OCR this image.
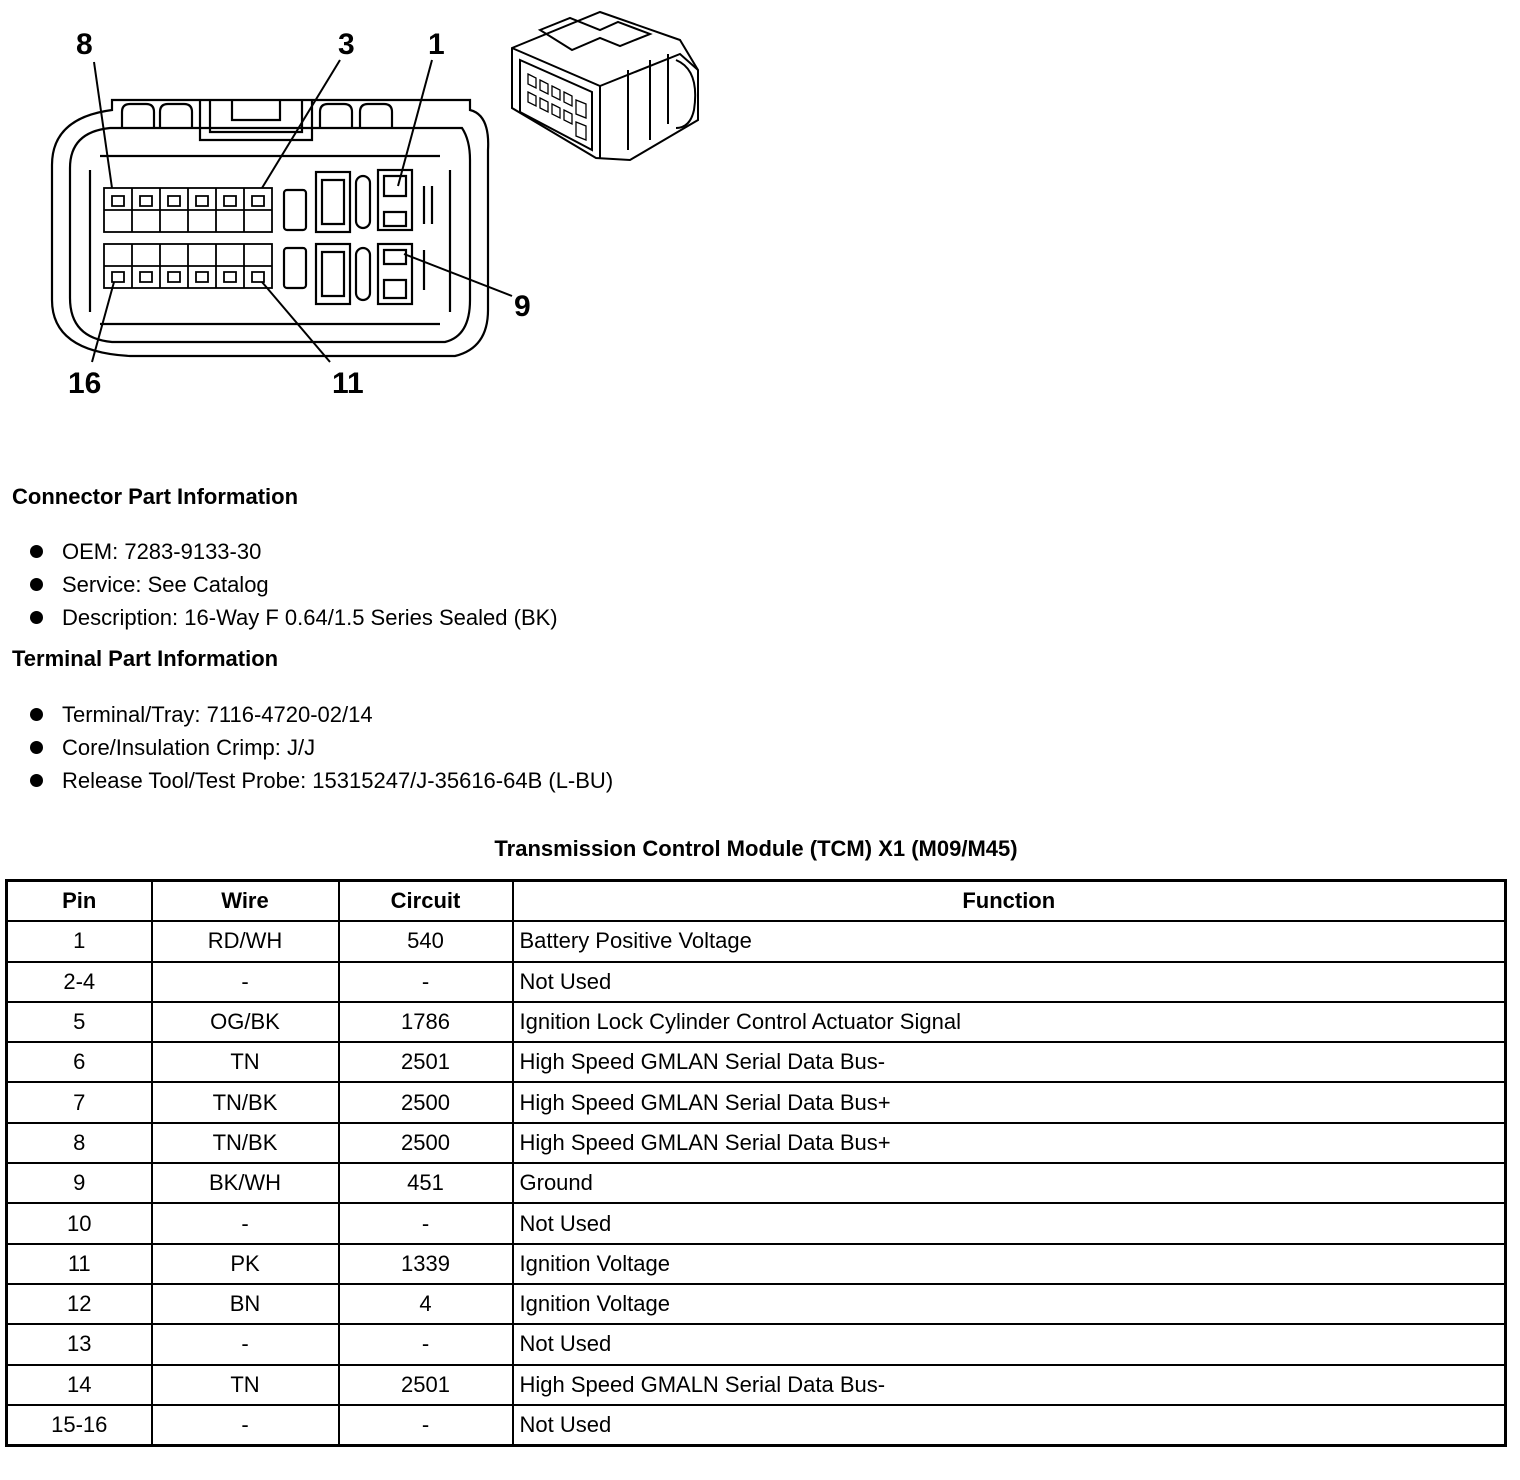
8	3 1
9
16	11
Connector Part Information
OEM: 7283-9133-30
Service: See Catalog
Description: 16-Way F 0.64/1.5 Series Sealed (BK)
Terminal Part Information
Terminal/Tray: 7116-4720-02/14
Core/Insulation Crimp: J/J
Release Tool/Test Probe: 15315247/J-35616-64B (L-BU)
Transmission Control Module (TCM) X1 (M09/M45)
Pin	Wire	Circuit	Function
1	RD/WH	540	Battery Positive Voltage
2-4	-	-	Not Used
5	OG/BK	1786	Ignition Lock Cylinder Control Actuator Signal
6	TN	2501	High Speed GMLAN Serial Data Bus-
7	TN/BK	2500	High Speed GMLAN Serial Data Bus+
8	TN/BK	2500	High Speed GMLAN Serial Data Bus+
9	BK/WH	451	Ground
10	-	-	Not Used
11	PK	1339	Ignition Voltage
12	BN	4	Ignition Voltage
13	-	-	Not Used
14	TN	2501	High Speed GMALN Serial Data Bus-
15-16	-	-	Not Used
